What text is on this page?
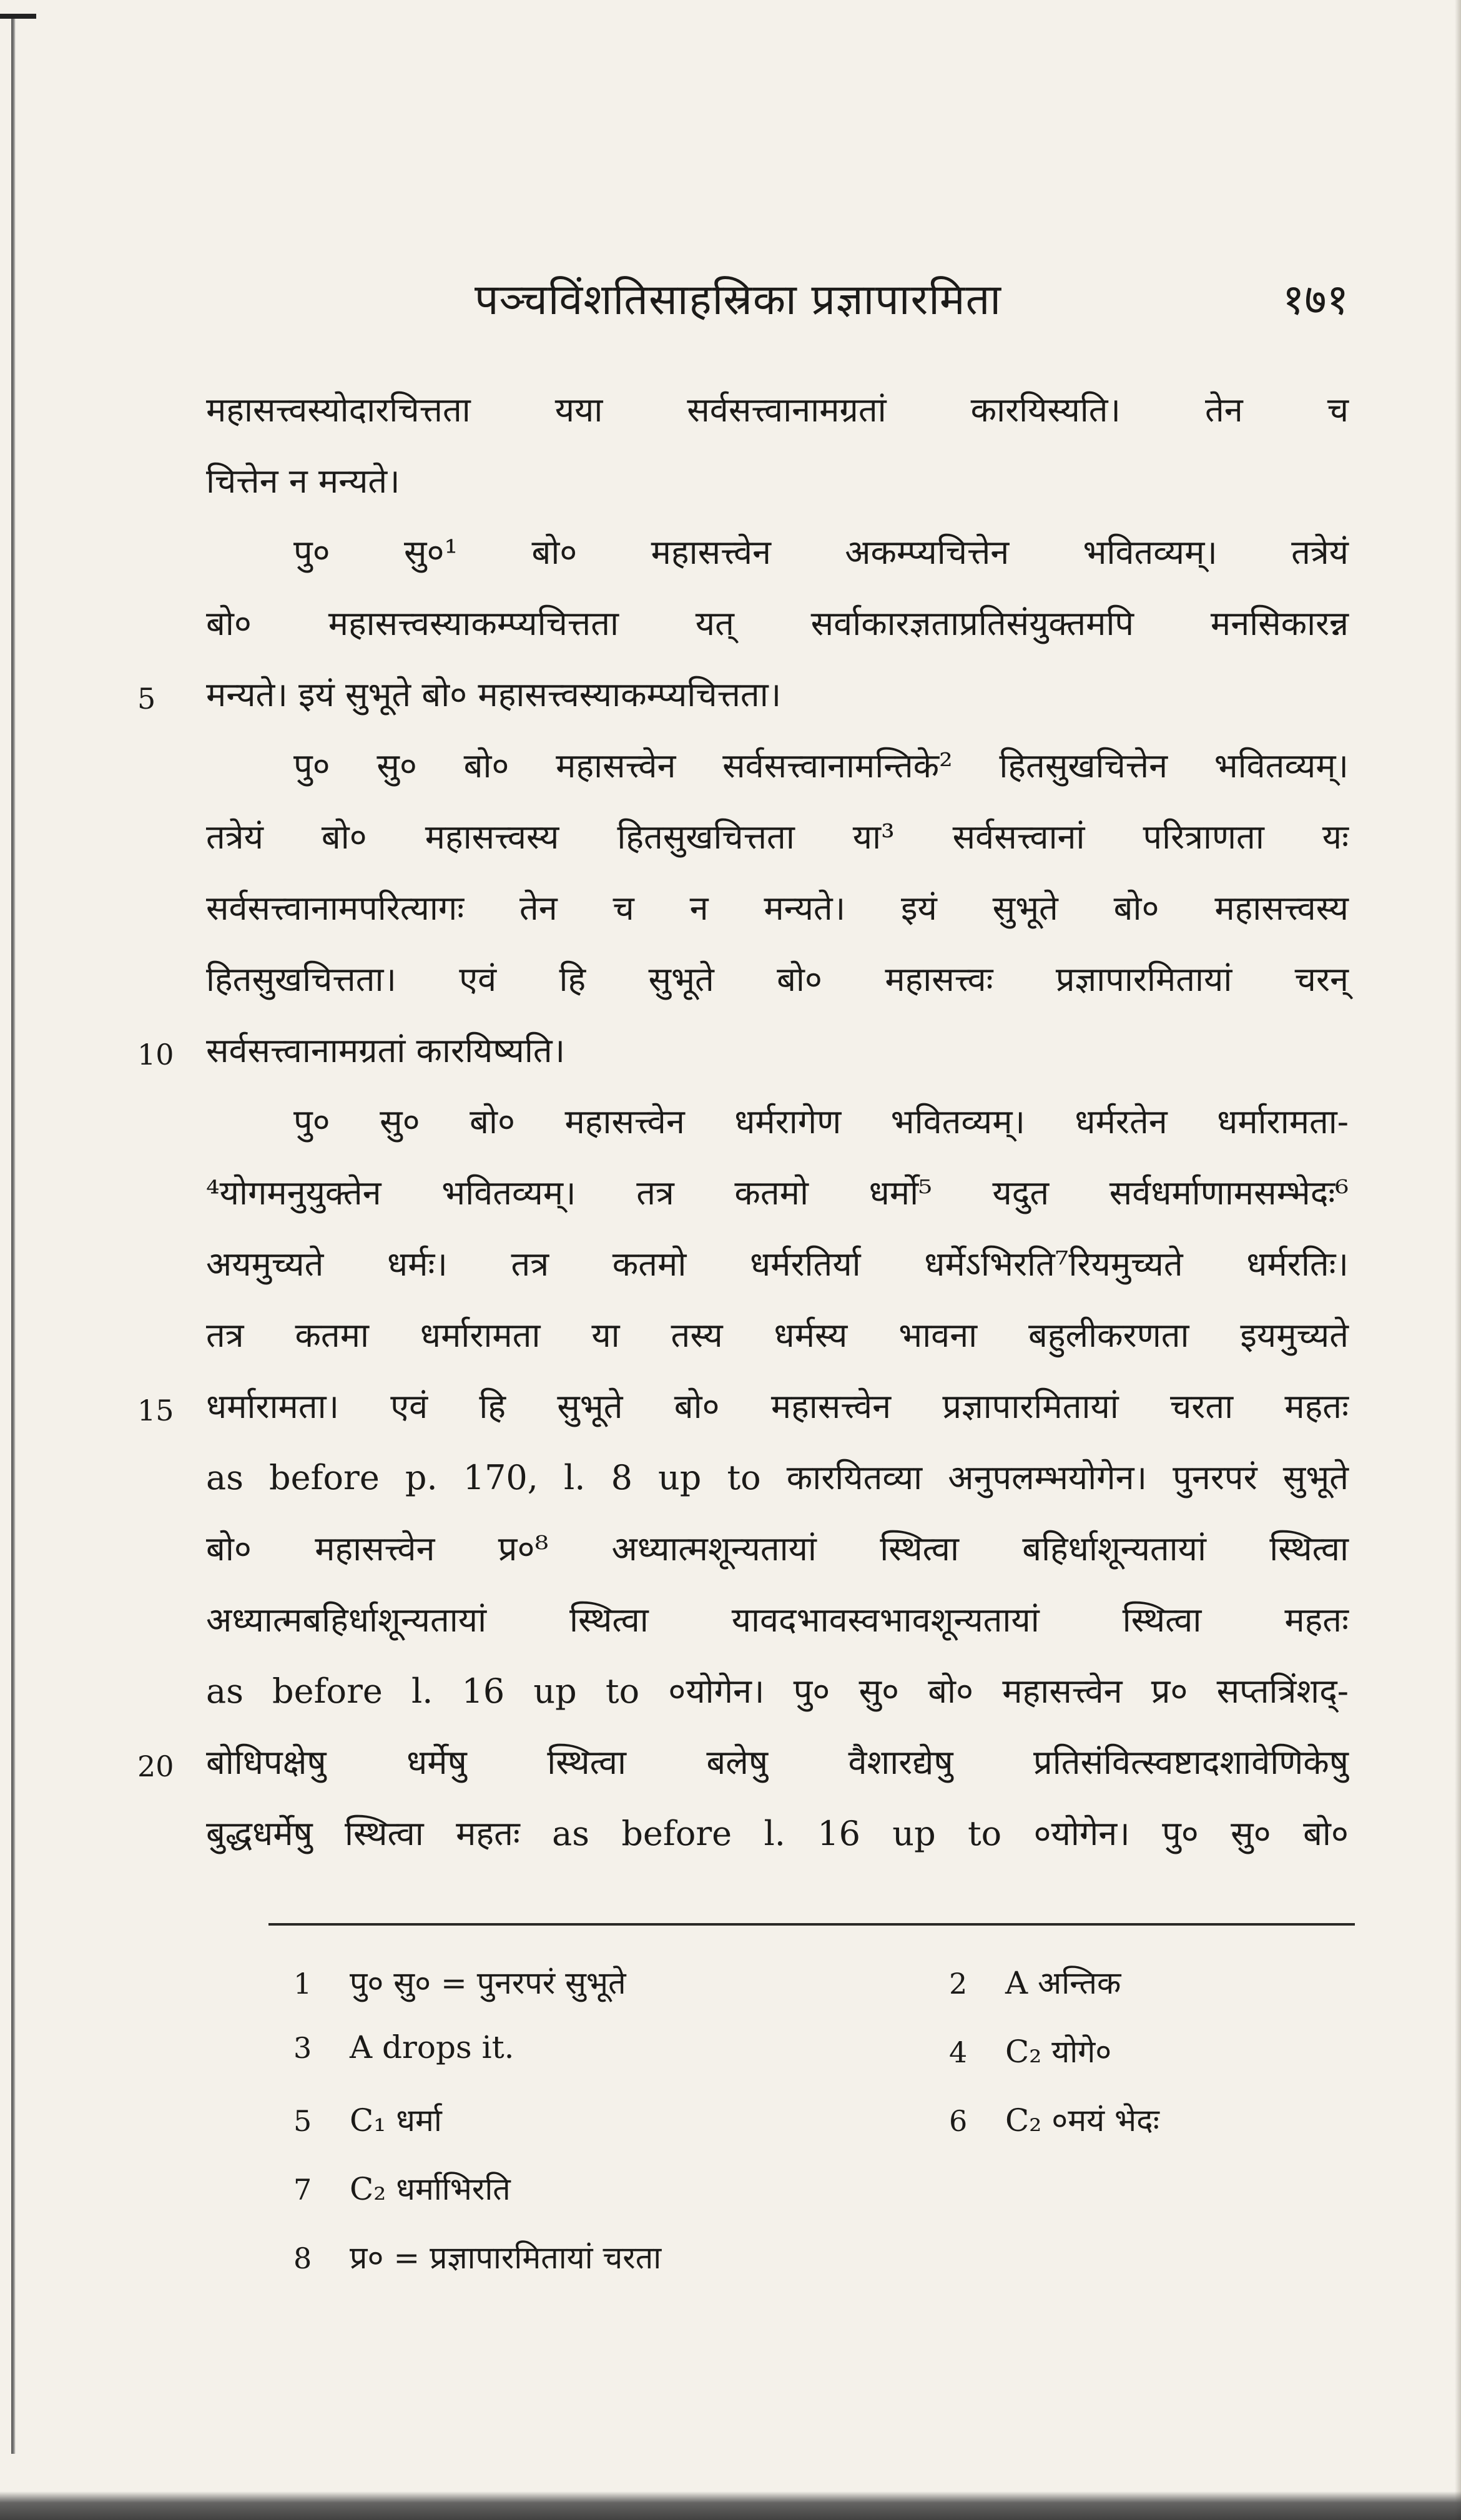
पञ्चविंशतिसाहस्रिका प्रज्ञापारमिता	१७१
महासत्त्वस्योदारचित्तता यया सर्वसत्त्वानामग्रतां कारयिस्यति। तेन च
चित्तेन न मन्यते।
पु० सु०¹ बो० महासत्त्वेन अकम्प्यचित्तेन भवितव्यम्। तत्रेयं
बो० महासत्त्वस्याकम्प्यचित्तता यत् सर्वाकारज्ञताप्रतिसंयुक्तमपि मनसिकारन्न
5 मन्यते। इयं सुभूते बो० महासत्त्वस्याकम्प्यचित्तता।
पु० सु० बो० महासत्त्वेन सर्वसत्त्वानामन्तिके² हितसुखचित्तेन भवितव्यम्।
तत्रेयं बो० महासत्त्वस्य हितसुखचित्तता या³ सर्वसत्त्वानां परित्राणता यः
सर्वसत्त्वानामपरित्यागः तेन च न मन्यते। इयं सुभूते बो० महासत्त्वस्य
हितसुखचित्तता। एवं हि सुभूते बो० महासत्त्वः प्रज्ञापारमितायां चरन्
10 सर्वसत्त्वानामग्रतां कारयिष्यति।
पु० सु० बो० महासत्त्वेन धर्मरागेण भवितव्यम्। धर्मरतेन धर्मारामता-
⁴योगमनुयुक्तेन भवितव्यम्। तत्र कतमो धर्मो⁵ यदुत सर्वधर्माणामसम्भेदः⁶
अयमुच्यते धर्मः। तत्र कतमो धर्मरतिर्या धर्मेऽभिरति⁷रियमुच्यते धर्मरतिः।
तत्र कतमा धर्मारामता या तस्य धर्मस्य भावना बहुलीकरणता इयमुच्यते
15 धर्मारामता। एवं हि सुभूते बो० महासत्त्वेन प्रज्ञापारमितायां चरता महतः
as before p. 170, l. 8 up to कारयितव्या अनुपलम्भयोगेन। पुनरपरं सुभूते
बो० महासत्त्वेन प्र०⁸ अध्यात्मशून्यतायां स्थित्वा बहिर्धाशून्यतायां स्थित्वा
अध्यात्मबहिर्धाशून्यतायां स्थित्वा यावदभावस्वभावशून्यतायां स्थित्वा महतः
as before l. 16 up to ०योगेन। पु० सु० बो० महासत्त्वेन प्र० सप्तत्रिंशद्-
20 बोधिपक्षेषु धर्मेषु स्थित्वा बलेषु वैशारद्येषु प्रतिसंवित्स्वष्टादशावेणिकेषु
बुद्धधर्मेषु स्थित्वा महतः as before l. 16 up to ०योगेन। पु० सु० बो०
1 पु० सु० = पुनरपरं सुभूते	2 A अन्तिक
3 A drops it.	4 C₂ योगे०
5 C₁ धर्मा	6 C₂ ०मयं भेदः
7 C₂ धर्माभिरति
8 प्र० = प्रज्ञापारमितायां चरता
